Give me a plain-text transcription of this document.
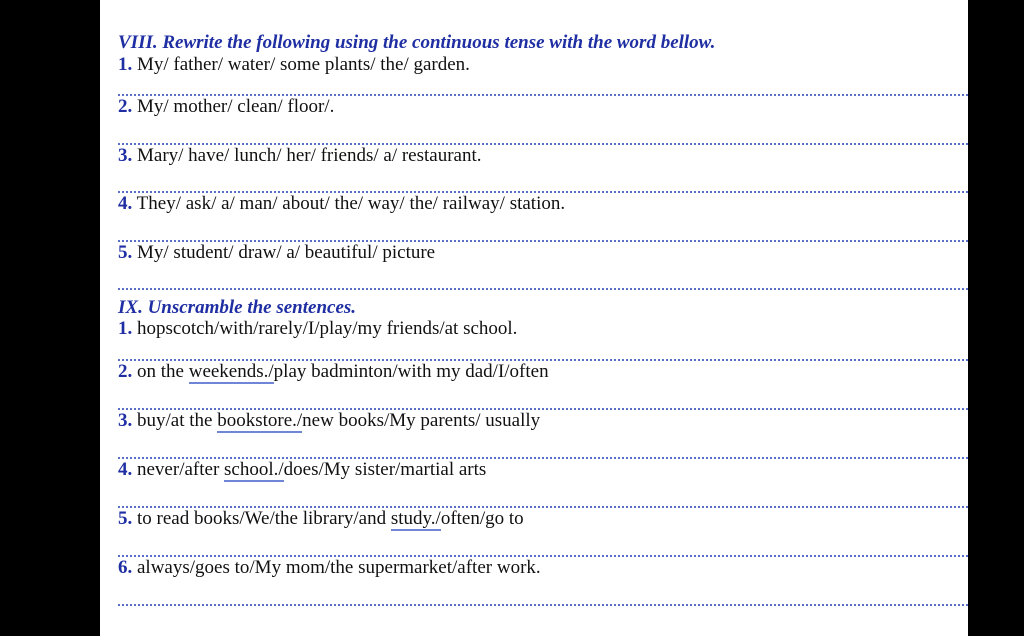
VIII. Rewrite the following using the continuous tense with the word bellow.
1. My/ father/ water/ some plants/ the/ garden.
2. My/ mother/ clean/ floor/.
3. Mary/ have/ lunch/ her/ friends/ a/ restaurant.
4. They/ ask/ a/ man/ about/ the/ way/ the/ railway/ station.
5. My/ student/ draw/ a/ beautiful/ picture
IX. Unscramble the sentences.
1. hopscotch/with/rarely/I/play/my friends/at school.
2. on the weekends./play badminton/with my dad/I/often
3. buy/at the bookstore./new books/My parents/ usually
4. never/after school./does/My sister/martial arts
5. to read books/We/the library/and study./often/go to
6. always/goes to/My mom/the supermarket/after work.
